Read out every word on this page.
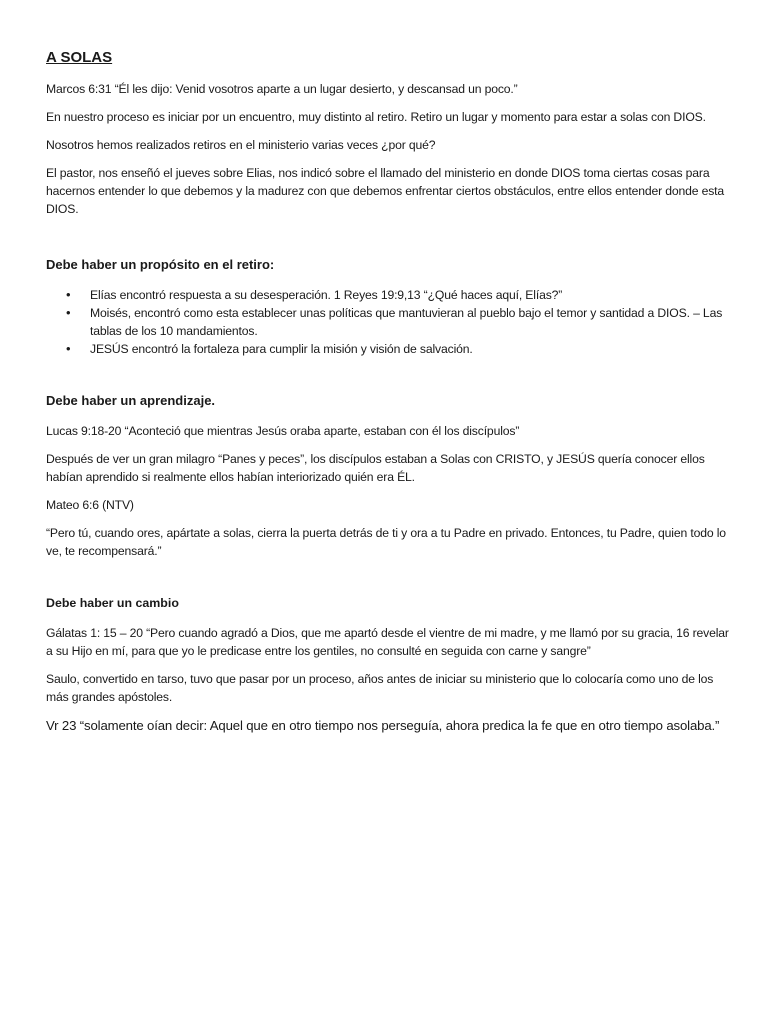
A SOLAS

Marcos 6:31 “Él les dijo: Venid vosotros aparte a un lugar desierto, y descansad un poco.”

En nuestro proceso es iniciar por un encuentro, muy distinto al retiro. Retiro un lugar y momento para estar a solas con DIOS.

Nosotros hemos realizados retiros en el ministerio varias veces ¿por qué?

El pastor, nos enseñó el jueves sobre Elias, nos indicó sobre el llamado del ministerio en donde DIOS toma ciertas cosas para hacernos entender lo que debemos y la madurez con que debemos enfrentar ciertos obstáculos, entre ellos entender donde esta DIOS.

Debe haber un propósito en el retiro:
• Elías encontró respuesta a su desesperación. 1 Reyes 19:9,13 “¿Qué haces aquí, Elías?”
• Moisés, encontró como esta establecer unas políticas que mantuvieran al pueblo bajo el temor y santidad a DIOS. – Las tablas de los 10 mandamientos.
• JESÚS encontró la fortaleza para cumplir la misión y visión de salvación.
Debe haber un aprendizaje.

Lucas 9:18-20 “Aconteció que mientras Jesús oraba aparte, estaban con él los discípulos”

Después de ver un gran milagro “Panes y peces”, los discípulos estaban a Solas con CRISTO, y JESÚS quería conocer ellos habían aprendido si realmente ellos habían interiorizado quién era ÉL.

Mateo 6:6 (NTV)

“Pero tú, cuando ores, apártate a solas, cierra la puerta detrás de ti y ora a tu Padre en privado. Entonces, tu Padre, quien todo lo ve, te recompensará.”

Debe haber un cambio

Gálatas 1: 15 – 20 “Pero cuando agradó a Dios, que me apartó desde el vientre de mi madre, y me llamó por su gracia, 16 revelar a su Hijo en mí, para que yo le predicase entre los gentiles, no consulté en seguida con carne y sangre”

Saulo, convertido en tarso, tuvo que pasar por un proceso, años antes de iniciar su ministerio que lo colocaría como uno de los más grandes apóstoles.

Vr 23 “solamente oían decir: Aquel que en otro tiempo nos perseguía, ahora predica la fe que en otro tiempo asolaba.”
